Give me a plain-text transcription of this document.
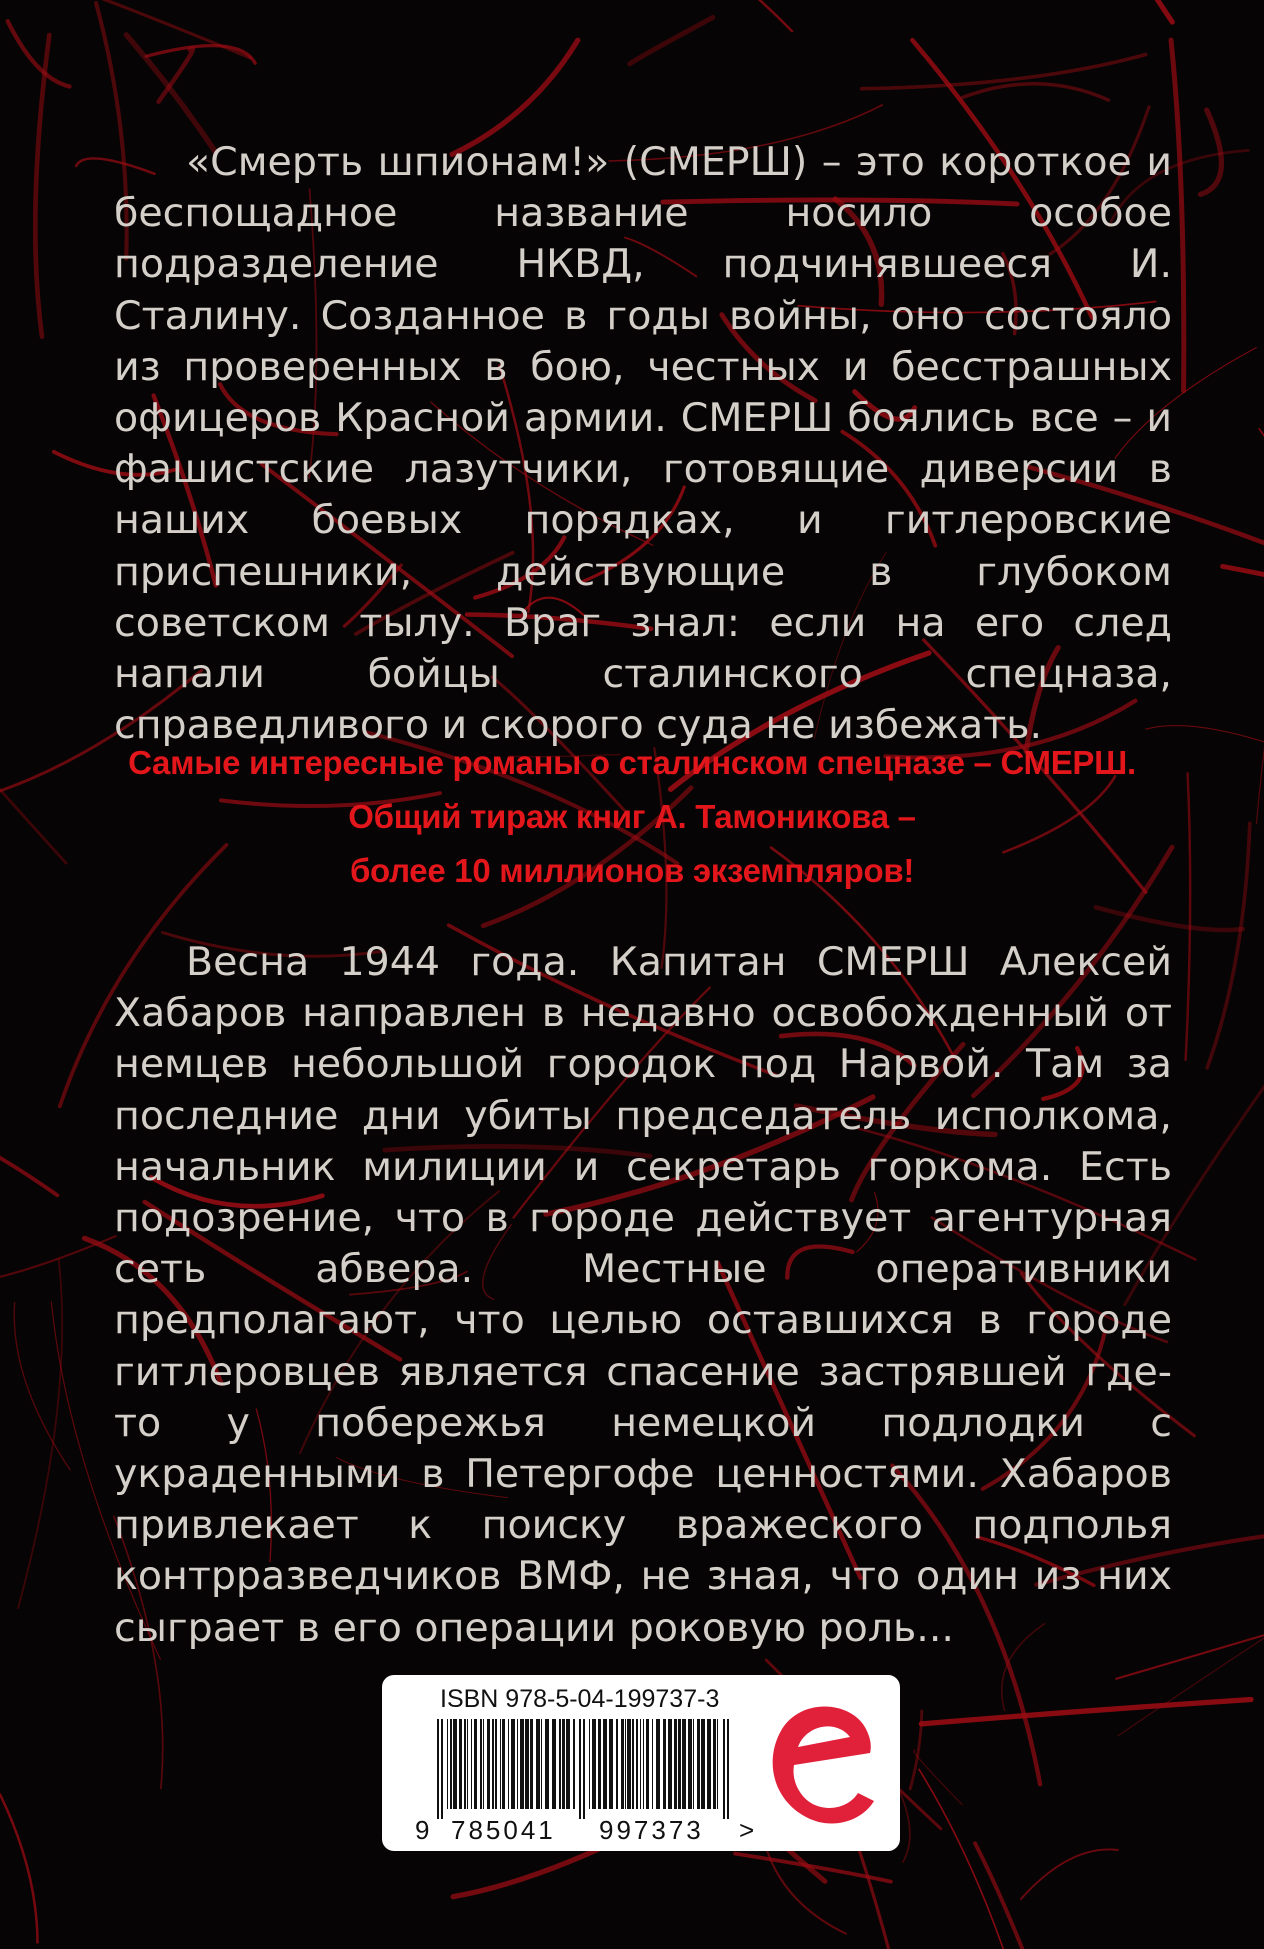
«Смерть шпионам!» (СМЕРШ) – это короткое и беспощадное название носило особое подразделение НКВД, подчинявшееся И. Сталину. Созданное в годы войны, оно состояло из проверенных в бою, честных и бесстрашных офицеров Красной армии. СМЕРШ боялись все – и фашистские лазутчики, готовящие диверсии в наших боевых порядках, и гитлеровские приспешники, действующие в глубоком советском тылу. Враг знал: если на его след напали бойцы сталинского спецназа, справедливого и скорого суда не избежать.

Самые интересные романы о сталинском спецназе – СМЕРШ.
Общий тираж книг А. Тамоникова –
более 10 миллионов экземпляров!

Весна 1944 года. Капитан СМЕРШ Алексей Хабаров направлен в недавно освобожденный от немцев небольшой городок под Нарвой. Там за последние дни убиты председатель исполкома, начальник милиции и секретарь горкома. Есть подозрение, что в городе действует агентурная сеть абвера. Местные оперативники предполагают, что целью оставшихся в городе гитлеровцев является спасение застрявшей где-то у побережья немецкой подлодки с украденными в Петергофе ценностями. Хабаров привлекает к поиску вражеского подполья контрразведчиков ВМФ, не зная, что один из них сыграет в его операции роковую роль...

ISBN 978-5-04-199737-3
9 785041 997373 >
